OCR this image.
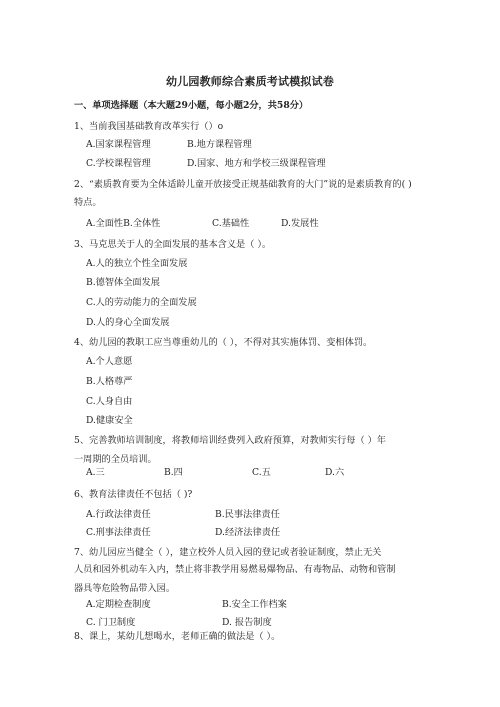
幼儿园教师综合素质考试模拟试卷
一、单项选择题（本大题29小题，每小题2分，共58分）
1、当前我国基础教育改革实行（）o
A.国家课程管理	B.地方课程管理
C.学校课程管理	D.国家、地方和学校三级课程管理
2、“素质教育要为全体适龄儿童开放接受正规基础教育的大门”说的是素质教育的( )
特点。
A.全面性B.全体性	C.基础性	D.发展性
3、马克思关于人的全面发展的基本含义是（ ）。
A.人的独立个性全面发展
B.德智体全面发展
C.人的劳动能力的全面发展
D.人的身心全面发展
4、幼儿园的教职工应当尊重幼儿的（ ），不得对其实施体罚、变相体罚。
A.个人意愿
B.人格尊严
C.人身自由
D.健康安全
5、完善教师培训制度，将教师培训经费列入政府预算，对教师实行每（ ）年
一周期的全员培训。
A.三	B.四	C.五	D.六
6、教育法律责任不包括（ )?
A.行政法律责任	B.民事法律责任
C.刑事法律责任	D.经济法律责任
7、幼儿园应当健全（ ），建立校外人员入园的登记或者验证制度，禁止无关
人员和园外机动车入内，禁止将非教学用易燃易爆物品、有毒物品、动物和管制
器具等危险物品带入园。
A.定期检查制度	B.安全工作档案
C. 门卫制度	D. 报告制度
8、课上，某幼儿想喝水，老师正确的做法是（ ）。
